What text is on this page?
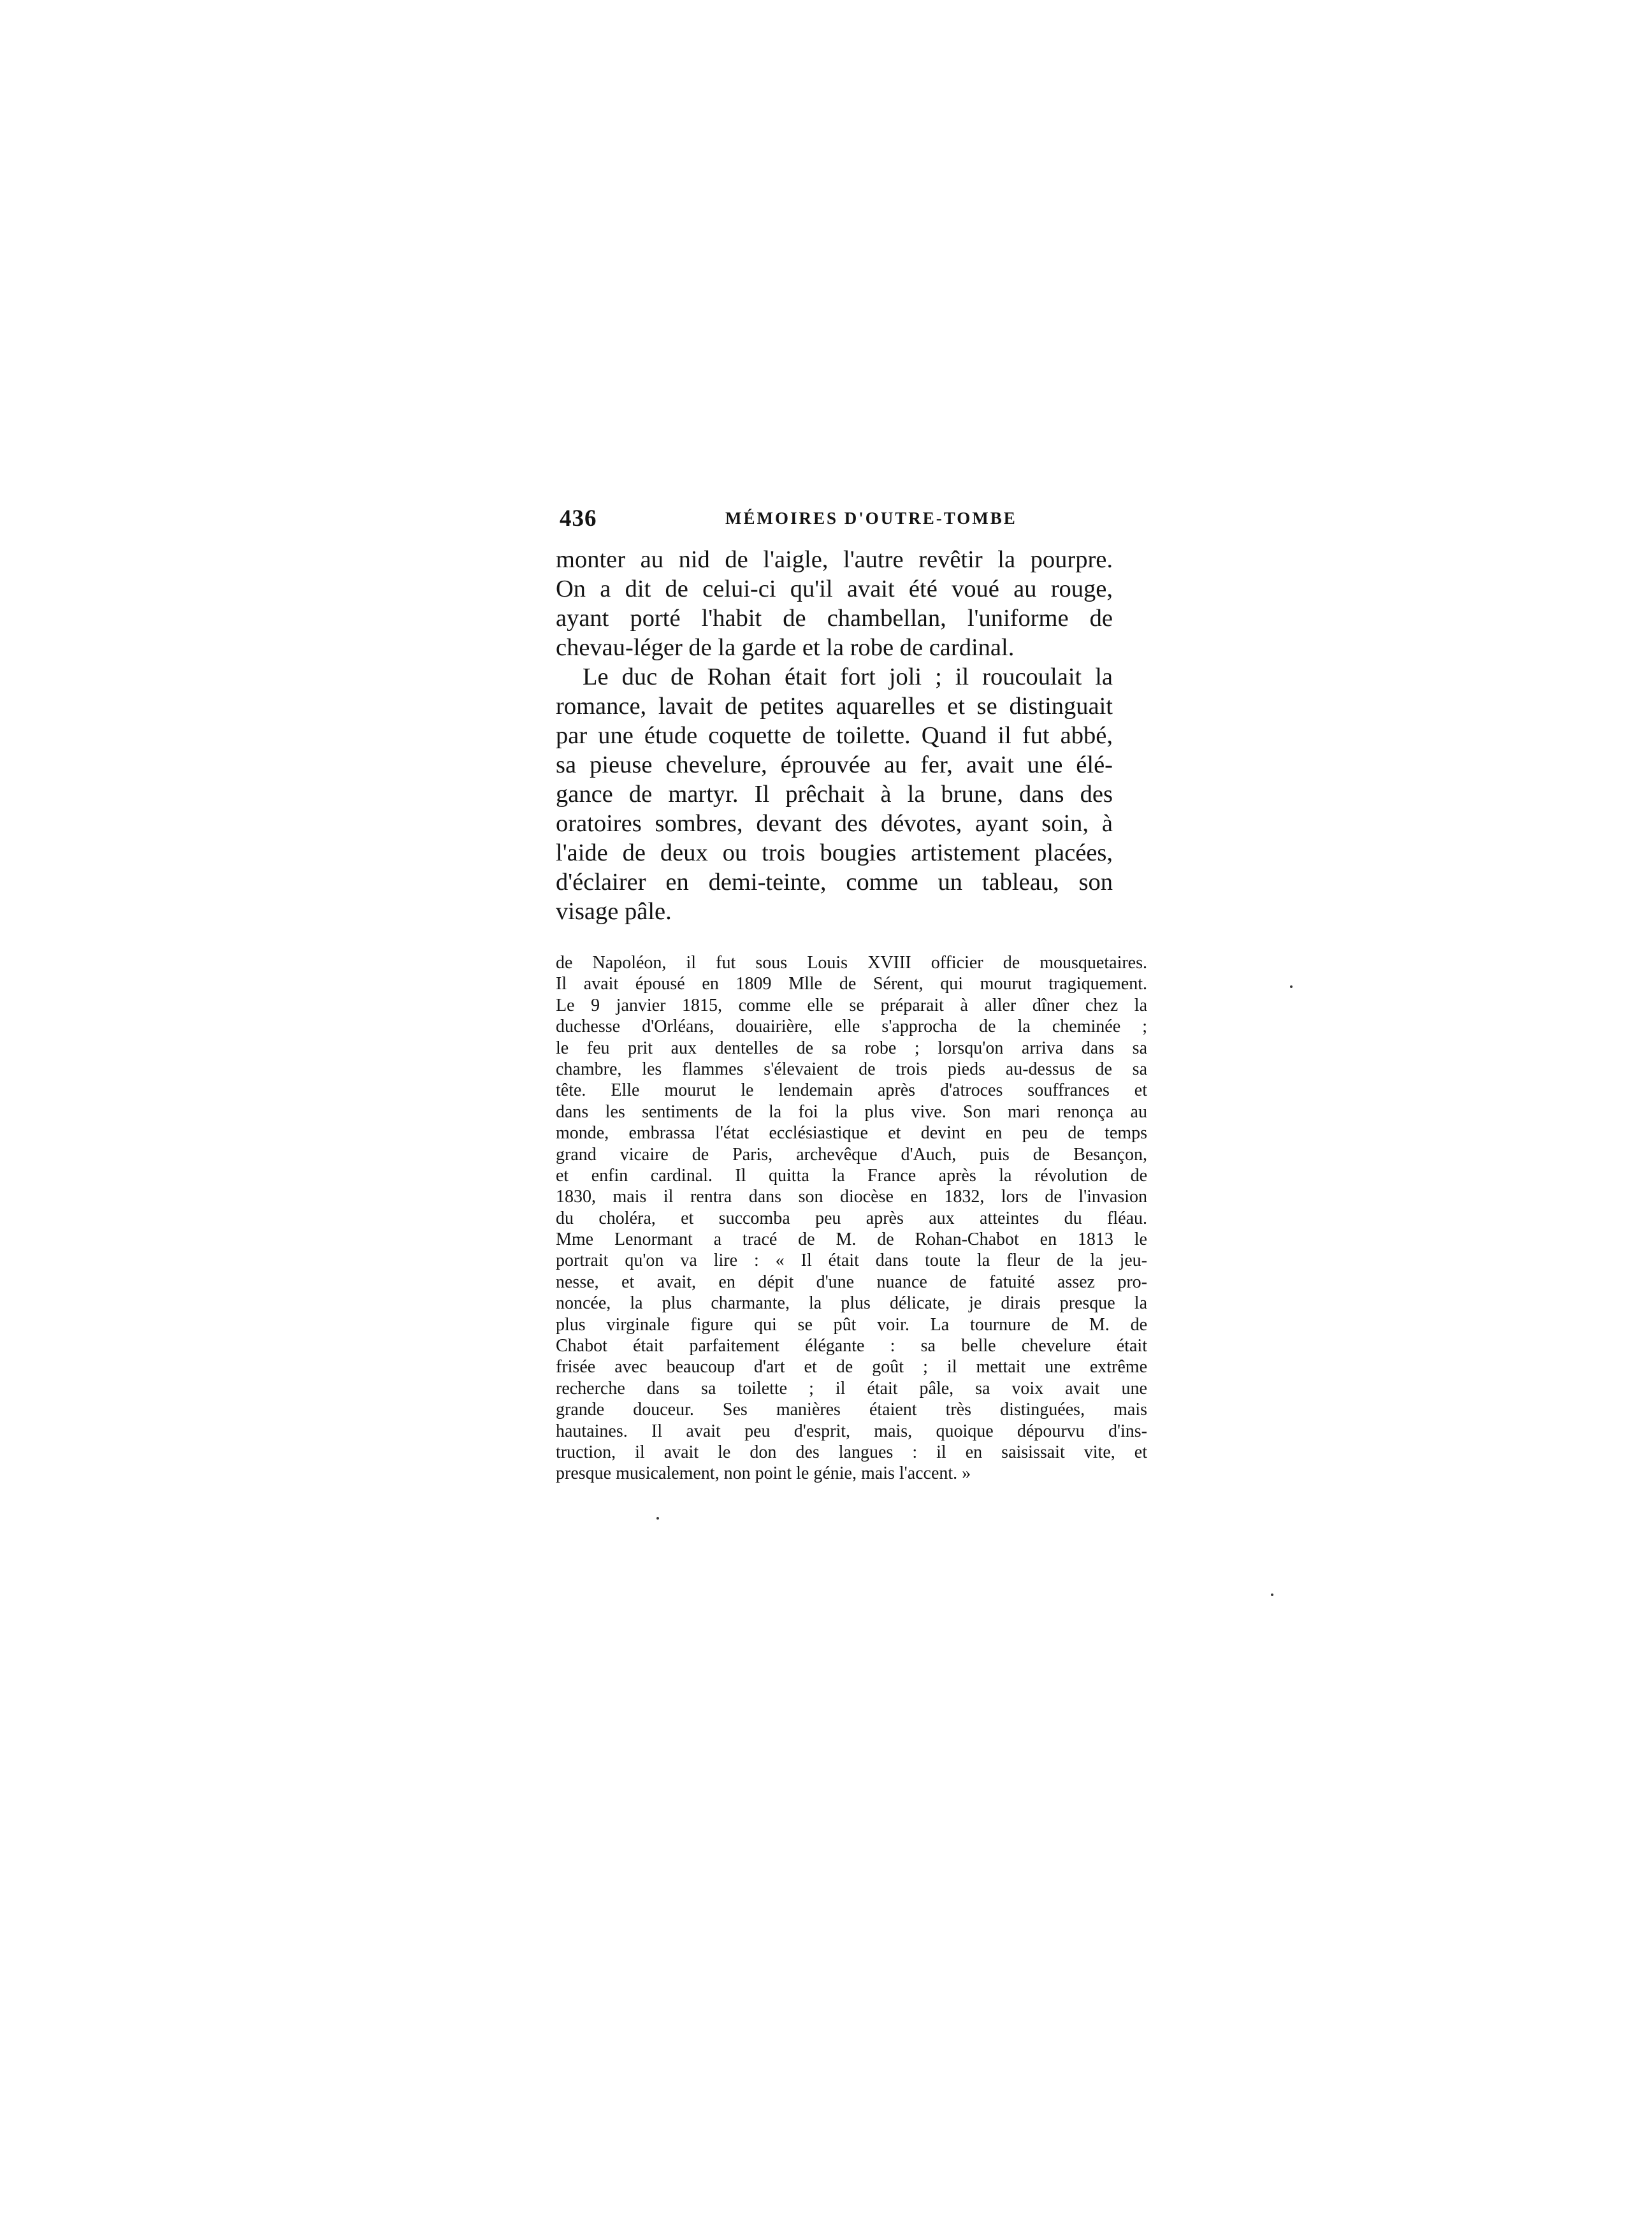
436	MÉMOIRES D'OUTRE-TOMBE
monter au nid de l'aigle, l'autre revêtir la pourpre.
On a dit de celui-ci qu'il avait été voué au rouge,
ayant porté l'habit de chambellan, l'uniforme de
chevau-léger de la garde et la robe de cardinal.
Le duc de Rohan était fort joli ; il roucoulait la
romance, lavait de petites aquarelles et se distinguait
par une étude coquette de toilette. Quand il fut abbé,
sa pieuse chevelure, éprouvée au fer, avait une élé-
gance de martyr. Il prêchait à la brune, dans des
oratoires sombres, devant des dévotes, ayant soin, à
l'aide de deux ou trois bougies artistement placées,
d'éclairer en demi-teinte, comme un tableau, son
visage pâle.
de Napoléon, il fut sous Louis XVIII officier de mousquetaires.
Il avait épousé en 1809 Mlle de Sérent, qui mourut tragiquement.
Le 9 janvier 1815, comme elle se préparait à aller dîner chez la
duchesse d'Orléans, douairière, elle s'approcha de la cheminée ;
le feu prit aux dentelles de sa robe ; lorsqu'on arriva dans sa
chambre, les flammes s'élevaient de trois pieds au-dessus de sa
tête. Elle mourut le lendemain après d'atroces souffrances et
dans les sentiments de la foi la plus vive. Son mari renonça au
monde, embrassa l'état ecclésiastique et devint en peu de temps
grand vicaire de Paris, archevêque d'Auch, puis de Besançon,
et enfin cardinal. Il quitta la France après la révolution de
1830, mais il rentra dans son diocèse en 1832, lors de l'invasion
du choléra, et succomba peu après aux atteintes du fléau.
Mme Lenormant a tracé de M. de Rohan-Chabot en 1813 le
portrait qu'on va lire : « Il était dans toute la fleur de la jeu-
nesse, et avait, en dépit d'une nuance de fatuité assez pro-
noncée, la plus charmante, la plus délicate, je dirais presque la
plus virginale figure qui se pût voir. La tournure de M. de
Chabot était parfaitement élégante : sa belle chevelure était
frisée avec beaucoup d'art et de goût ; il mettait une extrême
recherche dans sa toilette ; il était pâle, sa voix avait une
grande douceur. Ses manières étaient très distinguées, mais
hautaines. Il avait peu d'esprit, mais, quoique dépourvu d'ins-
truction, il avait le don des langues : il en saisissait vite, et
presque musicalement, non point le génie, mais l'accent. »
